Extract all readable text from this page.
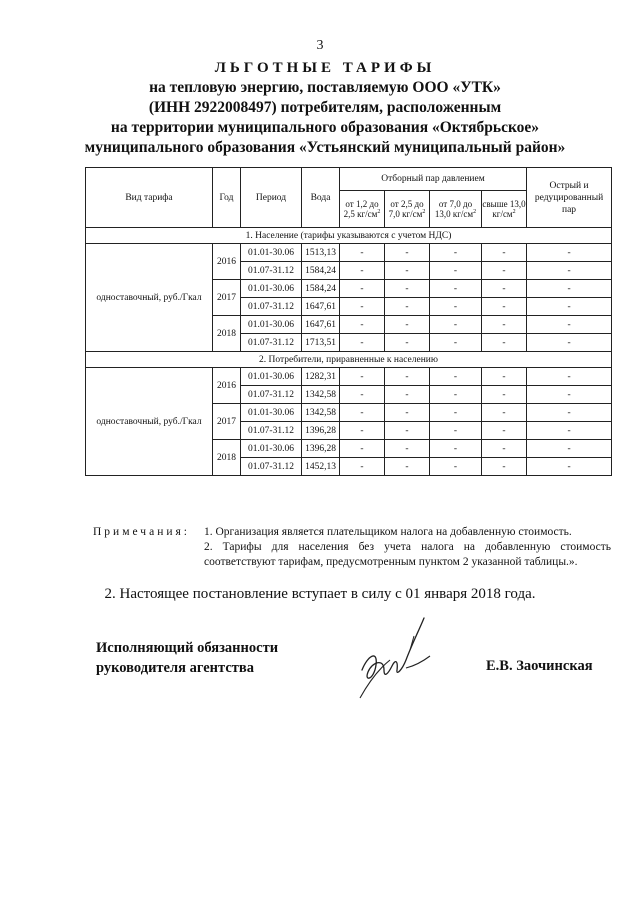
3
ЛЬГОТНЫЕ ТАРИФЫ
на тепловую энергию, поставляемую ООО «УТК»
(ИНН 2922008497) потребителям, расположенным
на территории муниципального образования «Октябрьское»
муниципального образования «Устьянский муниципальный район»
Вид тарифа	Год	Период	Вода	Отборный пар давлением				Острый и редуцированный пар
				от 1,2 до 2,5 $кг/см^2$	от 2,5 до 7,0 $кг/см^2$	от 7,0 до 13,0 $кг/см^2$	свыше 13,0 $кг/см^2$
1. Население (тарифы указываются с учетом НДС)								
одноставочный, руб./Гкал	2016	01.01-30.06	1513,13	-	-	-	-	-
		01.07-31.12	1584,24	-	-	-	-	-
	2017	01.01-30.06	1584,24	-	-	-	-	-
		01.07-31.12	1647,61	-	-	-	-	-
	2018	01.01-30.06	1647,61	-	-	-	-	-
		01.07-31.12	1713,51	-	-	-	-	-
2. Потребители, приравненные к населению								
одноставочный, руб./Гкал	2016	01.01-30.06	1282,31	-	-	-	-	-
		01.07-31.12	1342,58	-	-	-	-	-
	2017	01.01-30.06	1342,58	-	-	-	-	-
		01.07-31.12	1396,28	-	-	-	-	-
	2018	01.01-30.06	1396,28	-	-	-	-	-
		01.07-31.12	1452,13	-	-	-	-	-
Примечания: 1. Организация является плательщиком налога на добавленную стоимость.
2. Тарифы для населения без учета налога на добавленную стоимость
соответствуют тарифам, предусмотренным пунктом 2 указанной таблицы.».
2. Настоящее постановление вступает в силу с 01 января 2018 года.
Исполняющий обязанности
руководителя агентства	Е.В. Заочинская
